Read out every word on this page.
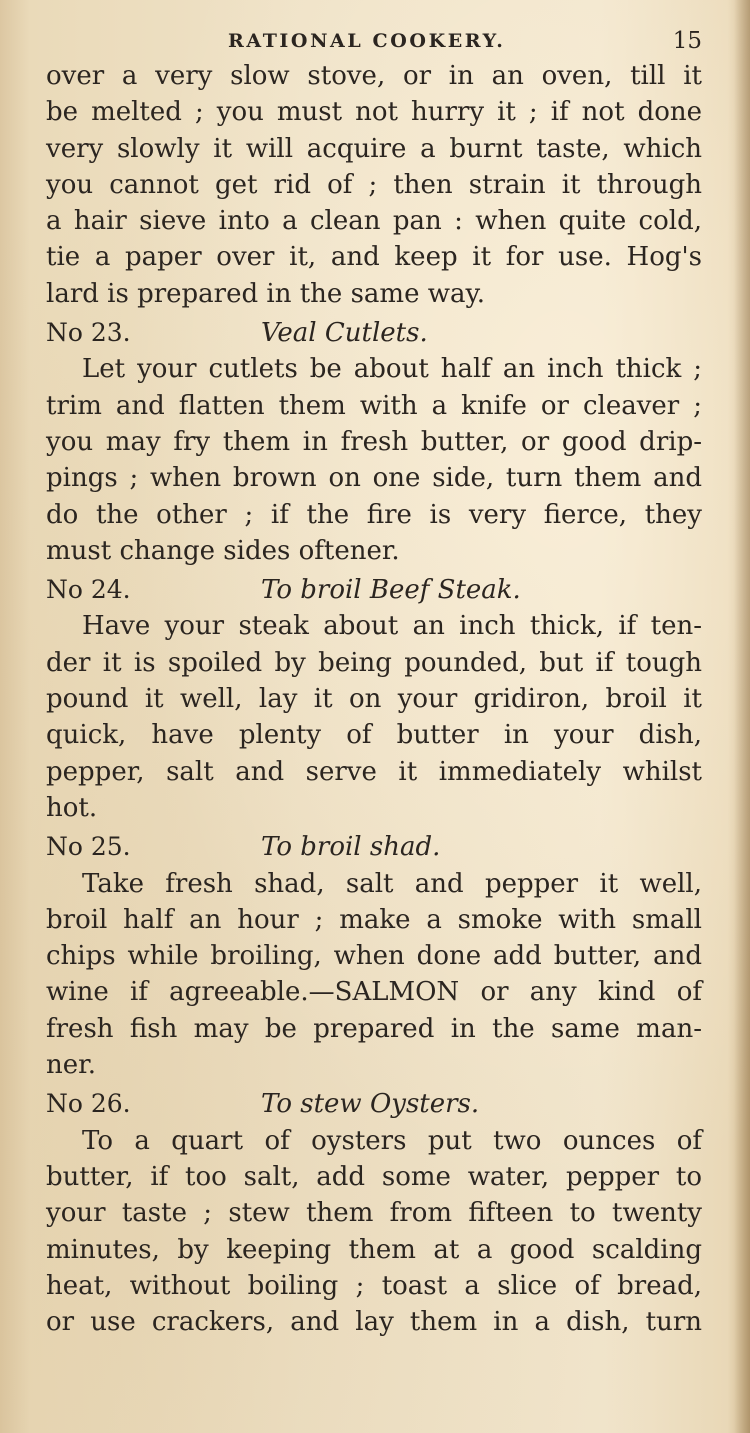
RATIONAL COOKERY.	15
over a very slow stove, or in an oven, till it
be melted ; you must not hurry it ; if not done
very slowly it will acquire a burnt taste, which
you cannot get rid of ; then strain it through
a hair sieve into a clean pan : when quite cold,
tie a paper over it, and keep it for use. Hog's
lard is prepared in the same way.
No 23.	Veal Cutlets.
Let your cutlets be about half an inch thick ;
trim and flatten them with a knife or cleaver ;
you may fry them in fresh butter, or good drip-
pings ; when brown on one side, turn them and
do the other ; if the fire is very fierce, they
must change sides oftener.
No 24.	To broil Beef Steak.
Have your steak about an inch thick, if ten-
der it is spoiled by being pounded, but if tough
pound it well, lay it on your gridiron, broil it
quick, have plenty of butter in your dish,
pepper, salt and serve it immediately whilst
hot.
No 25.	To broil shad.
Take fresh shad, salt and pepper it well,
broil half an hour ; make a smoke with small
chips while broiling, when done add butter, and
wine if agreeable.—SALMON or any kind of
fresh fish may be prepared in the same man-
ner.
No 26.	To stew Oysters.
To a quart of oysters put two ounces of
butter, if too salt, add some water, pepper to
your taste ; stew them from fifteen to twenty
minutes, by keeping them at a good scalding
heat, without boiling ; toast a slice of bread,
or use crackers, and lay them in a dish, turn
